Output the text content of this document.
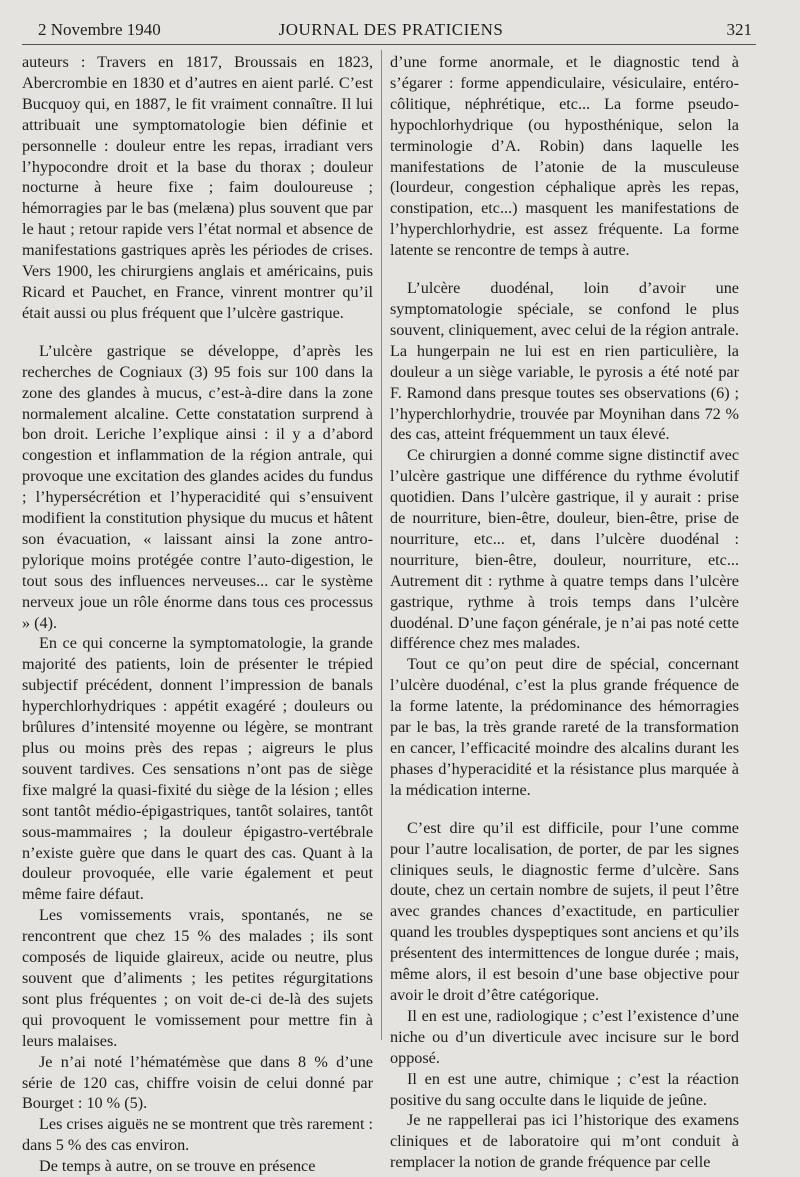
2 Novembre 1940	JOURNAL DES PRATICIENS	321

auteurs : Travers en 1817, Broussais en 1823, Abercrombie en 1830 et d’autres en aient parlé. C’est Bucquoy qui, en 1887, le fit vraiment connaître. Il lui attribuait une symptomatologie bien définie et personnelle : douleur entre les repas, irradiant vers l’hypocondre droit et la base du thorax ; douleur nocturne à heure fixe ; faim douloureuse ; hémorragies par le bas (melæna) plus souvent que par le haut ; retour rapide vers l’état normal et absence de manifestations gastriques après les périodes de crises. Vers 1900, les chirurgiens anglais et américains, puis Ricard et Pauchet, en France, vinrent montrer qu’il était aussi ou plus fréquent que l’ulcère gastrique.

L’ulcère gastrique se développe, d’après les recherches de Cogniaux (3) 95 fois sur 100 dans la zone des glandes à mucus, c’est-à-dire dans la zone normalement alcaline. Cette constatation surprend à bon droit. Leriche l’explique ainsi : il y a d’abord congestion et inflammation de la région antrale, qui provoque une excitation des glandes acides du fundus ; l’hypersécrétion et l’hyperacidité qui s’ensuivent modifient la constitution physique du mucus et hâtent son évacuation, « laissant ainsi la zone antro-pylorique moins protégée contre l’auto-digestion, le tout sous des influences nerveuses... car le système nerveux joue un rôle énorme dans tous ces processus » (4).

En ce qui concerne la symptomatologie, la grande majorité des patients, loin de présenter le trépied subjectif précédent, donnent l’impression de banals hyperchlorhydriques : appétit exagéré ; douleurs ou brûlures d’intensité moyenne ou légère, se montrant plus ou moins près des repas ; aigreurs le plus souvent tardives. Ces sensations n’ont pas de siège fixe malgré la quasi-fixité du siège de la lésion ; elles sont tantôt médio-épigastriques, tantôt solaires, tantôt sous-mammaires ; la douleur épigastro-vertébrale n’existe guère que dans le quart des cas. Quant à la douleur provoquée, elle varie également et peut même faire défaut.

Les vomissements vrais, spontanés, ne se rencontrent que chez 15 % des malades ; ils sont composés de liquide glaireux, acide ou neutre, plus souvent que d’aliments ; les petites régurgitations sont plus fréquentes ; on voit de-ci de-là des sujets qui provoquent le vomissement pour mettre fin à leurs malaises.

Je n’ai noté l’hématémèse que dans 8 % d’une série de 120 cas, chiffre voisin de celui donné par Bourget : 10 % (5).

Les crises aiguës ne se montrent que très rarement : dans 5 % des cas environ.

De temps à autre, on se trouve en présence

d’une forme anormale, et le diagnostic tend à s’égarer : forme appendiculaire, vésiculaire, entéro-côlitique, néphrétique, etc... La forme pseudo-hypochlorhydrique (ou hyposthénique, selon la terminologie d’A. Robin) dans laquelle les manifestations de l’atonie de la musculeuse (lourdeur, congestion céphalique après les repas, constipation, etc...) masquent les manifestations de l’hyperchlorhydrie, est assez fréquente. La forme latente se rencontre de temps à autre.

L’ulcère duodénal, loin d’avoir une symptomatologie spéciale, se confond le plus souvent, cliniquement, avec celui de la région antrale. La hungerpain ne lui est en rien particulière, la douleur a un siège variable, le pyrosis a été noté par F. Ramond dans presque toutes ses observations (6) ; l’hyperchlorhydrie, trouvée par Moynihan dans 72 % des cas, atteint fréquemment un taux élevé.

Ce chirurgien a donné comme signe distinctif avec l’ulcère gastrique une différence du rythme évolutif quotidien. Dans l’ulcère gastrique, il y aurait : prise de nourriture, bien-être, douleur, bien-être, prise de nourriture, etc... et, dans l’ulcère duodénal : nourriture, bien-être, douleur, nourriture, etc... Autrement dit : rythme à quatre temps dans l’ulcère gastrique, rythme à trois temps dans l’ulcère duodénal. D’une façon générale, je n’ai pas noté cette différence chez mes malades.

Tout ce qu’on peut dire de spécial, concernant l’ulcère duodénal, c’est la plus grande fréquence de la forme latente, la prédominance des hémorragies par le bas, la très grande rareté de la transformation en cancer, l’efficacité moindre des alcalins durant les phases d’hyperacidité et la résistance plus marquée à la médication interne.

C’est dire qu’il est difficile, pour l’une comme pour l’autre localisation, de porter, de par les signes cliniques seuls, le diagnostic ferme d’ulcère. Sans doute, chez un certain nombre de sujets, il peut l’être avec grandes chances d’exactitude, en particulier quand les troubles dyspeptiques sont anciens et qu’ils présentent des intermittences de longue durée ; mais, même alors, il est besoin d’une base objective pour avoir le droit d’être catégorique.

Il en est une, radiologique ; c’est l’existence d’une niche ou d’un diverticule avec incisure sur le bord opposé.

Il en est une autre, chimique ; c’est la réaction positive du sang occulte dans le liquide de jeûne.

Je ne rappellerai pas ici l’historique des examens cliniques et de laboratoire qui m’ont conduit à remplacer la notion de grande fréquence par celle
